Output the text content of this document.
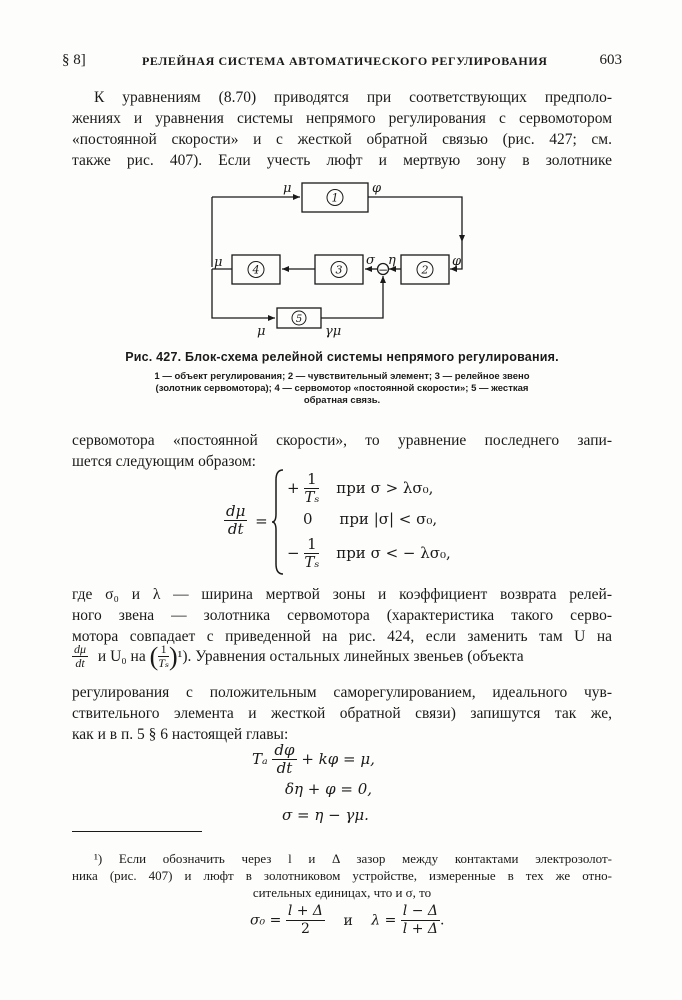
§ 8]	РЕЛЕЙНАЯ СИСТЕМА АВТОМАТИЧЕСКОГО РЕГУЛИРОВАНИЯ	603
К уравнениям (8.70) приводятся при соответствующих предполо-
жениях и уравнения системы непрямого регулирования с сервомотором
«постоянной скорости» и с жесткой обратной связью (рис. 427; см.
также рис. 407). Если учесть люфт и мертвую зону в золотнике
1
2
3
4
5
μ	φ
φ
η
σ
μ
μ	γμ
−
Рис. 427. Блок-схема релейной системы непрямого регулирования.
1 — объект регулирования; 2 — чувствительный элемент; 3 — релейное звено
(золотник сервомотора); 4 — сервомотор «постоянной скорости»; 5 — жесткая
обратная связь.
сервомотора «постоянной скорости», то уравнение последнего запи-
шется следующим образом:
$\frac{d\mu}{dt}$ =
+ $\frac{1}{\text{Tₛ}}$ при σ > λσ₀,
0 при |σ| < σ₀,
− $\frac{1}{\text{Tₛ}}$ при σ < − λσ₀,
где σ₀ и λ — ширина мертвой зоны и коэффициент возврата релей-
ного звена — золотника сервомотора (характеристика такого серво-
мотора совпадает с приведенной на рис. 424, если заменить там U на
$\frac{d\mu}{dt}$ и U₀ на ( $\frac{1}{\text{Tₛ}} )^1$). Уравнения остальных линейных звеньев (объекта
регулирования с положительным саморегулированием, идеального чув-
ствительного элемента и жесткой обратной связи) запишутся так же,
как и в п. 5 § 6 настоящей главы:
Tₐ $\frac{d\varphi}{dt} + k\varphi = \mu$,
δη + φ = 0,
σ = η − γμ.
¹) Если обозначить через l и Δ зазор между контактами электрозолот-
ника (рис. 407) и люфт в золотниковом устройстве, измеренные в тех же отно-
сительных единицах, что и σ, то
$\sigma_0 = \frac{l + \Delta}{2}$ и $\lambda = \frac{l - \Delta}{l + \Delta}$ .
